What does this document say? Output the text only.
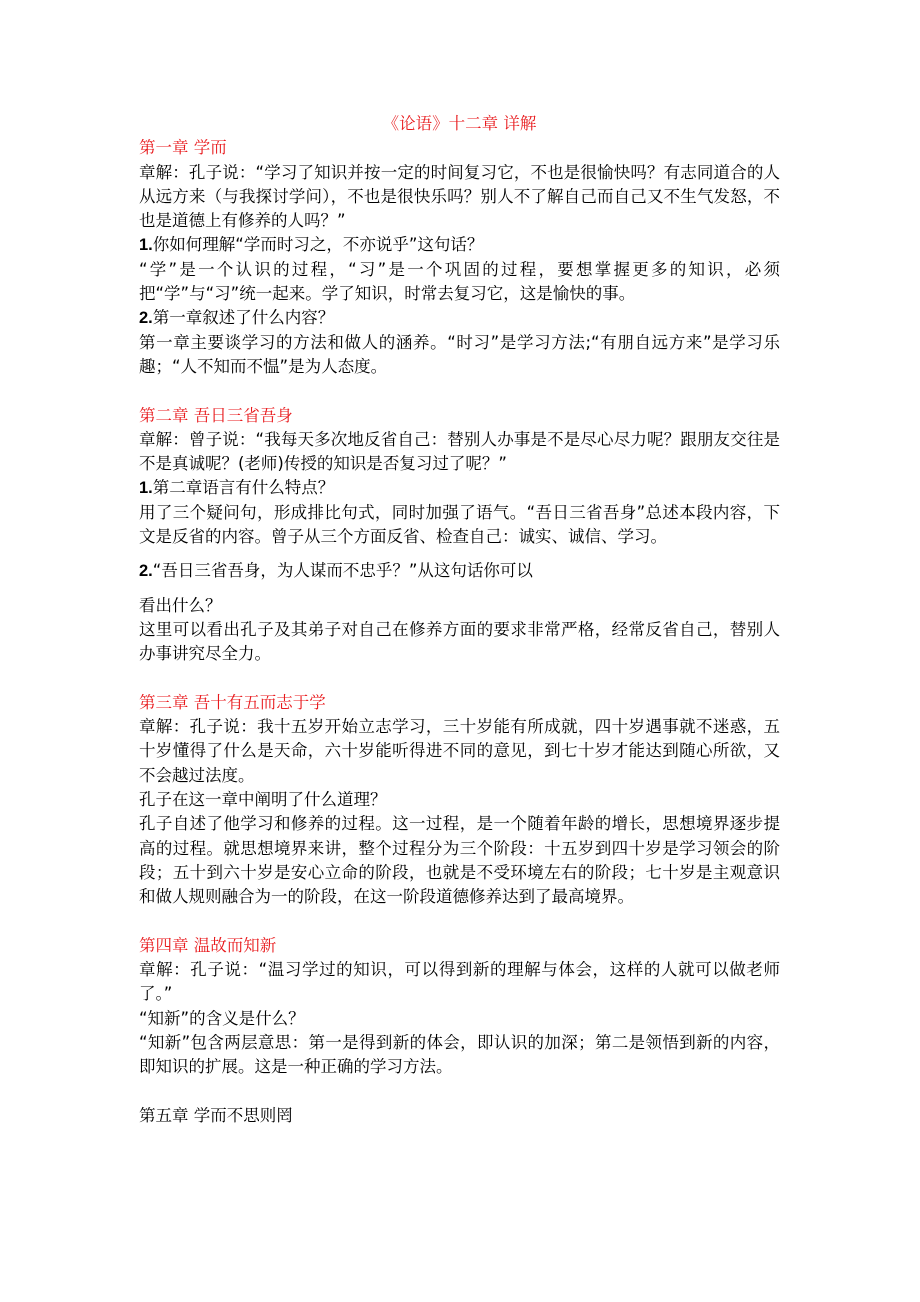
《论语》十二章 详解

第一章 学而

章解：孔子说：“学习了知识并按一定的时间复习它，不也是很愉快吗？有志同道合的人从远方来（与我探讨学问），不也是很快乐吗？别人不了解自己而自己又不生气发怒，不也是道德上有修养的人吗？”

1.你如何理解“学而时习之，不亦说乎”这句话？

“学”是一个认识的过程，“习”是一个巩固的过程，要想掌握更多的知识，必须把“学”与“习”统一起来。学了知识，时常去复习它，这是愉快的事。

2.第一章叙述了什么内容？

第一章主要谈学习的方法和做人的涵养。“时习”是学习方法;“有朋自远方来”是学习乐趣；“人不知而不愠”是为人态度。

第二章 吾日三省吾身

章解：曾子说：“我每天多次地反省自己：替别人办事是不是尽心尽力呢？跟朋友交往是不是真诚呢？(老师)传授的知识是否复习过了呢？”

1.第二章语言有什么特点？

用了三个疑问句，形成排比句式，同时加强了语气。“吾日三省吾身”总述本段内容，下文是反省的内容。曾子从三个方面反省、检查自己：诚实、诚信、学习。

2.“吾日三省吾身，为人谋而不忠乎？”从这句话你可以

看出什么？

这里可以看出孔子及其弟子对自己在修养方面的要求非常严格，经常反省自己，替别人办事讲究尽全力。

第三章 吾十有五而志于学

章解：孔子说：我十五岁开始立志学习，三十岁能有所成就，四十岁遇事就不迷惑，五十岁懂得了什么是天命，六十岁能听得进不同的意见，到七十岁才能达到随心所欲，又不会越过法度。

孔子在这一章中阐明了什么道理？

孔子自述了他学习和修养的过程。这一过程，是一个随着年龄的增长，思想境界逐步提高的过程。就思想境界来讲，整个过程分为三个阶段：十五岁到四十岁是学习领会的阶段；五十到六十岁是安心立命的阶段，也就是不受环境左右的阶段；七十岁是主观意识和做人规则融合为一的阶段，在这一阶段道德修养达到了最高境界。

第四章 温故而知新

章解：孔子说：“温习学过的知识，可以得到新的理解与体会，这样的人就可以做老师了。”

“知新”的含义是什么？

“知新”包含两层意思：第一是得到新的体会，即认识的加深；第二是领悟到新的内容，即知识的扩展。这是一种正确的学习方法。

第五章 学而不思则罔
